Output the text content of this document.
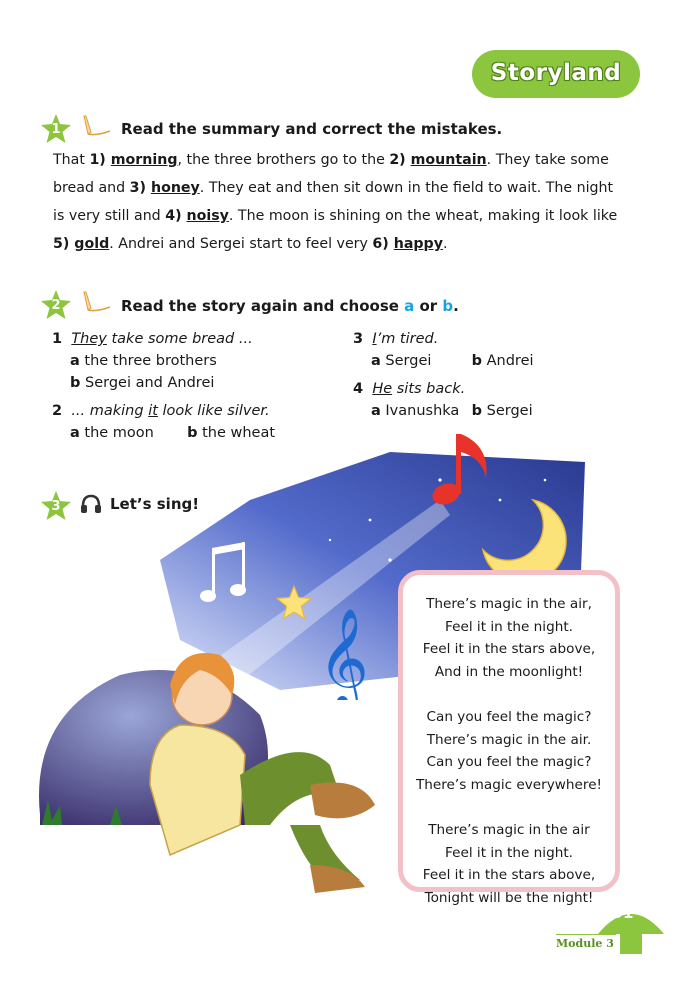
Storyland
1	Read the summary and correct the mistakes.
That 1) morning, the three brothers go to the 2) mountain. They take some
bread and 3) honey. They eat and then sit down in the field to wait. The night
is very still and 4) noisy. The moon is shining on the wheat, making it look like
5) gold. Andrei and Sergei start to feel very 6) happy.
2	Read the story again and choose a or b.
1 They take some bread ...
a the three brothers
b Sergei and Andrei
2 ... making it look like silver.
a the moon b the wheat
3 I’m tired.
a Sergei	b Andrei
4 He sits back.
a Ivanushka b Sergei
𝄞
3	Let’s sing!
There’s magic in the air,
Feel it in the night.
Feel it in the stars above,
And in the moonlight!
Can you feel the magic?
There’s magic in the air.
Can you feel the magic?
There’s magic everywhere!
There’s magic in the air
Feel it in the night.
Feel it in the stars above,
Tonight will be the night!
91
Module 3
